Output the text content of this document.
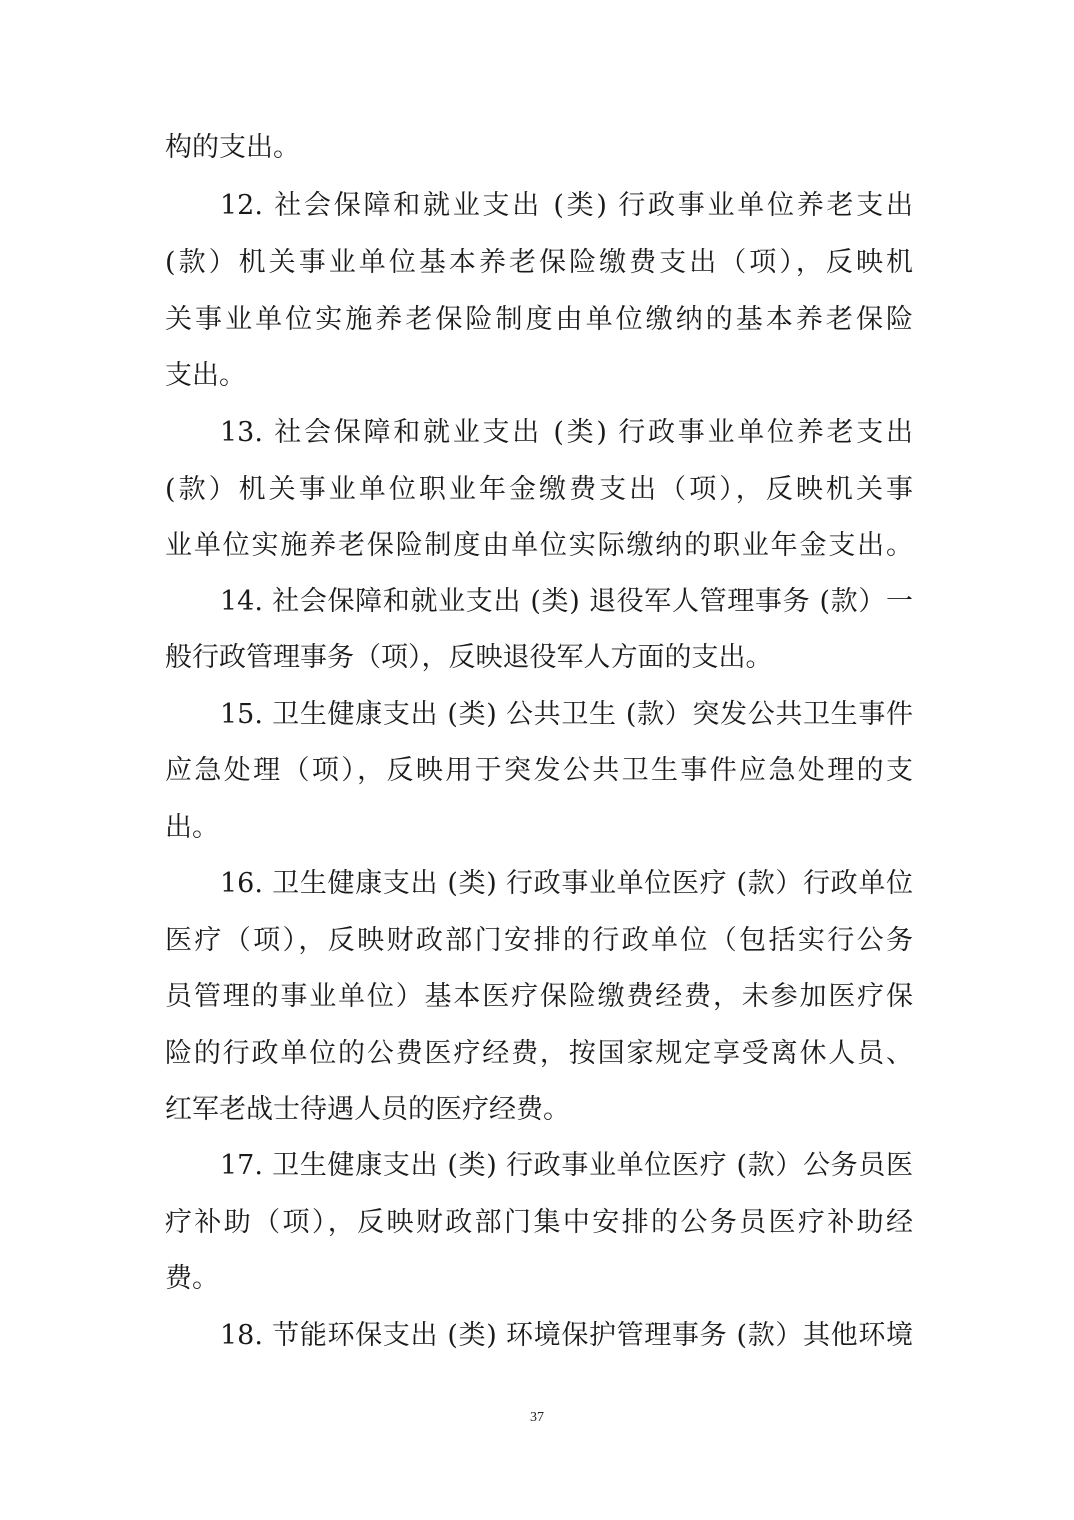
构的支出。
12. 社会保障和就业支出 (类) 行政事业单位养老支出
(款）机关事业单位基本养老保险缴费支出（项），反映机
关事业单位实施养老保险制度由单位缴纳的基本养老保险
支出。
13. 社会保障和就业支出 (类) 行政事业单位养老支出
(款）机关事业单位职业年金缴费支出（项），反映机关事
业单位实施养老保险制度由单位实际缴纳的职业年金支出。
14. 社会保障和就业支出 (类) 退役军人管理事务 (款）一
般行政管理事务（项），反映退役军人方面的支出。
15. 卫生健康支出 (类) 公共卫生 (款）突发公共卫生事件
应急处理（项），反映用于突发公共卫生事件应急处理的支
出。
16. 卫生健康支出 (类) 行政事业单位医疗 (款）行政单位
医疗（项），反映财政部门安排的行政单位（包括实行公务
员管理的事业单位）基本医疗保险缴费经费，未参加医疗保
险的行政单位的公费医疗经费，按国家规定享受离休人员、
红军老战士待遇人员的医疗经费。
17. 卫生健康支出 (类) 行政事业单位医疗 (款）公务员医
疗补助（项），反映财政部门集中安排的公务员医疗补助经
费。
18. 节能环保支出 (类) 环境保护管理事务 (款）其他环境
37
